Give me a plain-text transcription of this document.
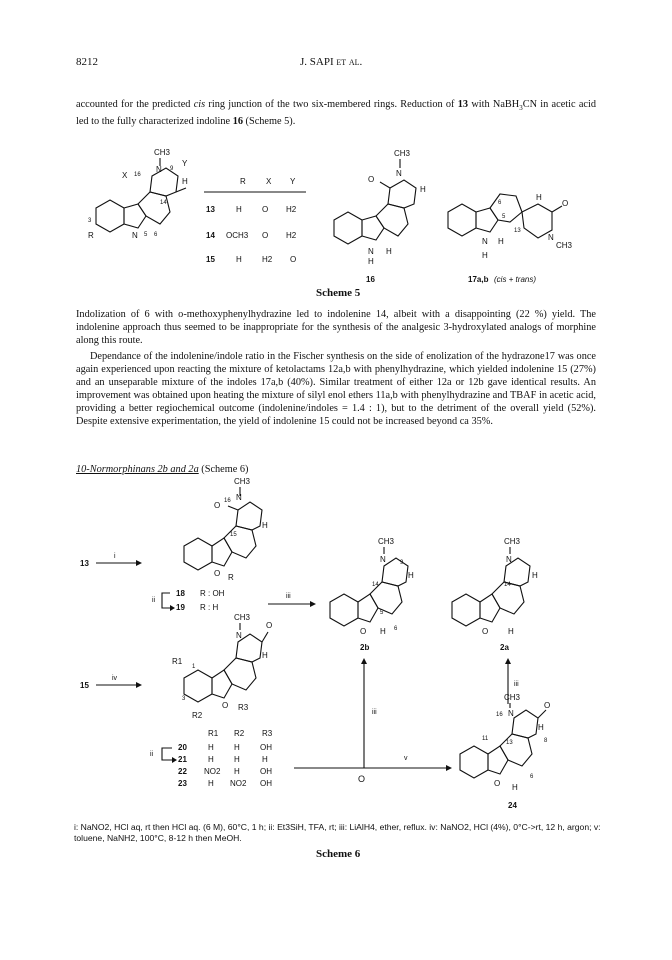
8212	J. SAPI et al.
accounted for the predicted cis ring junction of the two six-membered rings. Reduction of 13 with NaBH$_3$CN in acetic acid led to the fully characterized indoline 16 (Scheme 5).
CH3
X 16
N 9
Y
H
14
3
R	N 5 6
R	X Y
13	H	O H2
14 OCH3 O H2
15	H	H2 O
CH3
N
O
H
N H
H
16
O
H
6
5
13
N H
H
N
CH3
17a,b (cis + trans)
Scheme 5
Indolization of 6 with o-methoxyphenylhydrazine led to indolenine 14, albeit with a disappointing (22 %) yield. The indolenine approach thus seemed to be inappropriate for the synthesis of the analgesic 3-hydroxylated analogs of morphine along this route.
Dependance of the indolenine/indole ratio in the Fischer synthesis on the side of enolization of the hydrazone17 was once again experienced upon reacting the mixture of ketolactams 12a,b with phenylhydrazine, which yielded indolenine 15 (27%) and an unseparable mixture of the indoles 17a,b (40%). Similar treatment of either 12a or 12b gave identical results. An improvement was obtained upon heating the mixture of silyl enol ethers 11a,b with phenylhydrazine and TBAF in acetic acid, providing a better regiochemical outcome (indolenine/indoles = 1.4 : 1), but to the detriment of the overall yield (52%). Despite extensive experimentation, the yield of indolenine 15 could not be increased beyond ca 35%.
10-Normorphinans 2b and 2a (Scheme 6)
13
i
CH3
O 16 N
H
15
O R
ii
18 R : OH
19 R : H
iii
CH3
N 9
H
14
5
O H 6
2b
CH3
N
H
14
O H
2a
15
iv
CH3
N
O
H
R1
1
3
R2
O R3
R1 R2 R3
ii
20	H	H	OH
21	H	H	H
22 NO2 H	OH
23	H NO2 OH
iii
v
O
iii
CH3
16 N
O
H
8
11
13
O H
6
24
i: NaNO2, HCl aq, rt then HCl aq. (6 M), 60°C, 1 h; ii: Et3SiH, TFA, rt; iii: LiAlH4, ether, reflux. iv: NaNO2, HCl (4%), 0°C->rt, 12 h, argon; v: toluene, NaNH2, 100°C, 8-12 h then MeOH.
Scheme 6
